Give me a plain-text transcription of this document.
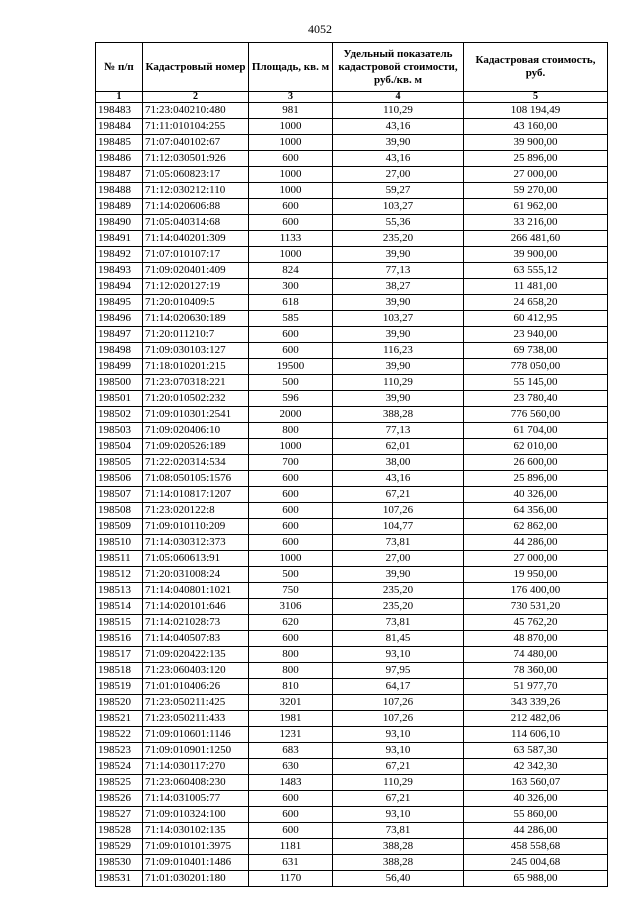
4052
№ п/п	Кадастровый номер	Площадь, кв. м	Удельный показатель кадастровой стоимости, руб./кв. м	Кадастровая стоимость, руб.
1	2	3	4	5
198483	71:23:040210:480	981	110,29	108 194,49
198484	71:11:010104:255	1000	43,16	43 160,00
198485	71:07:040102:67	1000	39,90	39 900,00
198486	71:12:030501:926	600	43,16	25 896,00
198487	71:05:060823:17	1000	27,00	27 000,00
198488	71:12:030212:110	1000	59,27	59 270,00
198489	71:14:020606:88	600	103,27	61 962,00
198490	71:05:040314:68	600	55,36	33 216,00
198491	71:14:040201:309	1133	235,20	266 481,60
198492	71:07:010107:17	1000	39,90	39 900,00
198493	71:09:020401:409	824	77,13	63 555,12
198494	71:12:020127:19	300	38,27	11 481,00
198495	71:20:010409:5	618	39,90	24 658,20
198496	71:14:020630:189	585	103,27	60 412,95
198497	71:20:011210:7	600	39,90	23 940,00
198498	71:09:030103:127	600	116,23	69 738,00
198499	71:18:010201:215	19500	39,90	778 050,00
198500	71:23:070318:221	500	110,29	55 145,00
198501	71:20:010502:232	596	39,90	23 780,40
198502	71:09:010301:2541	2000	388,28	776 560,00
198503	71:09:020406:10	800	77,13	61 704,00
198504	71:09:020526:189	1000	62,01	62 010,00
198505	71:22:020314:534	700	38,00	26 600,00
198506	71:08:050105:1576	600	43,16	25 896,00
198507	71:14:010817:1207	600	67,21	40 326,00
198508	71:23:020122:8	600	107,26	64 356,00
198509	71:09:010110:209	600	104,77	62 862,00
198510	71:14:030312:373	600	73,81	44 286,00
198511	71:05:060613:91	1000	27,00	27 000,00
198512	71:20:031008:24	500	39,90	19 950,00
198513	71:14:040801:1021	750	235,20	176 400,00
198514	71:14:020101:646	3106	235,20	730 531,20
198515	71:14:021028:73	620	73,81	45 762,20
198516	71:14:040507:83	600	81,45	48 870,00
198517	71:09:020422:135	800	93,10	74 480,00
198518	71:23:060403:120	800	97,95	78 360,00
198519	71:01:010406:26	810	64,17	51 977,70
198520	71:23:050211:425	3201	107,26	343 339,26
198521	71:23:050211:433	1981	107,26	212 482,06
198522	71:09:010601:1146	1231	93,10	114 606,10
198523	71:09:010901:1250	683	93,10	63 587,30
198524	71:14:030117:270	630	67,21	42 342,30
198525	71:23:060408:230	1483	110,29	163 560,07
198526	71:14:031005:77	600	67,21	40 326,00
198527	71:09:010324:100	600	93,10	55 860,00
198528	71:14:030102:135	600	73,81	44 286,00
198529	71:09:010101:3975	1181	388,28	458 558,68
198530	71:09:010401:1486	631	388,28	245 004,68
198531	71:01:030201:180	1170	56,40	65 988,00
